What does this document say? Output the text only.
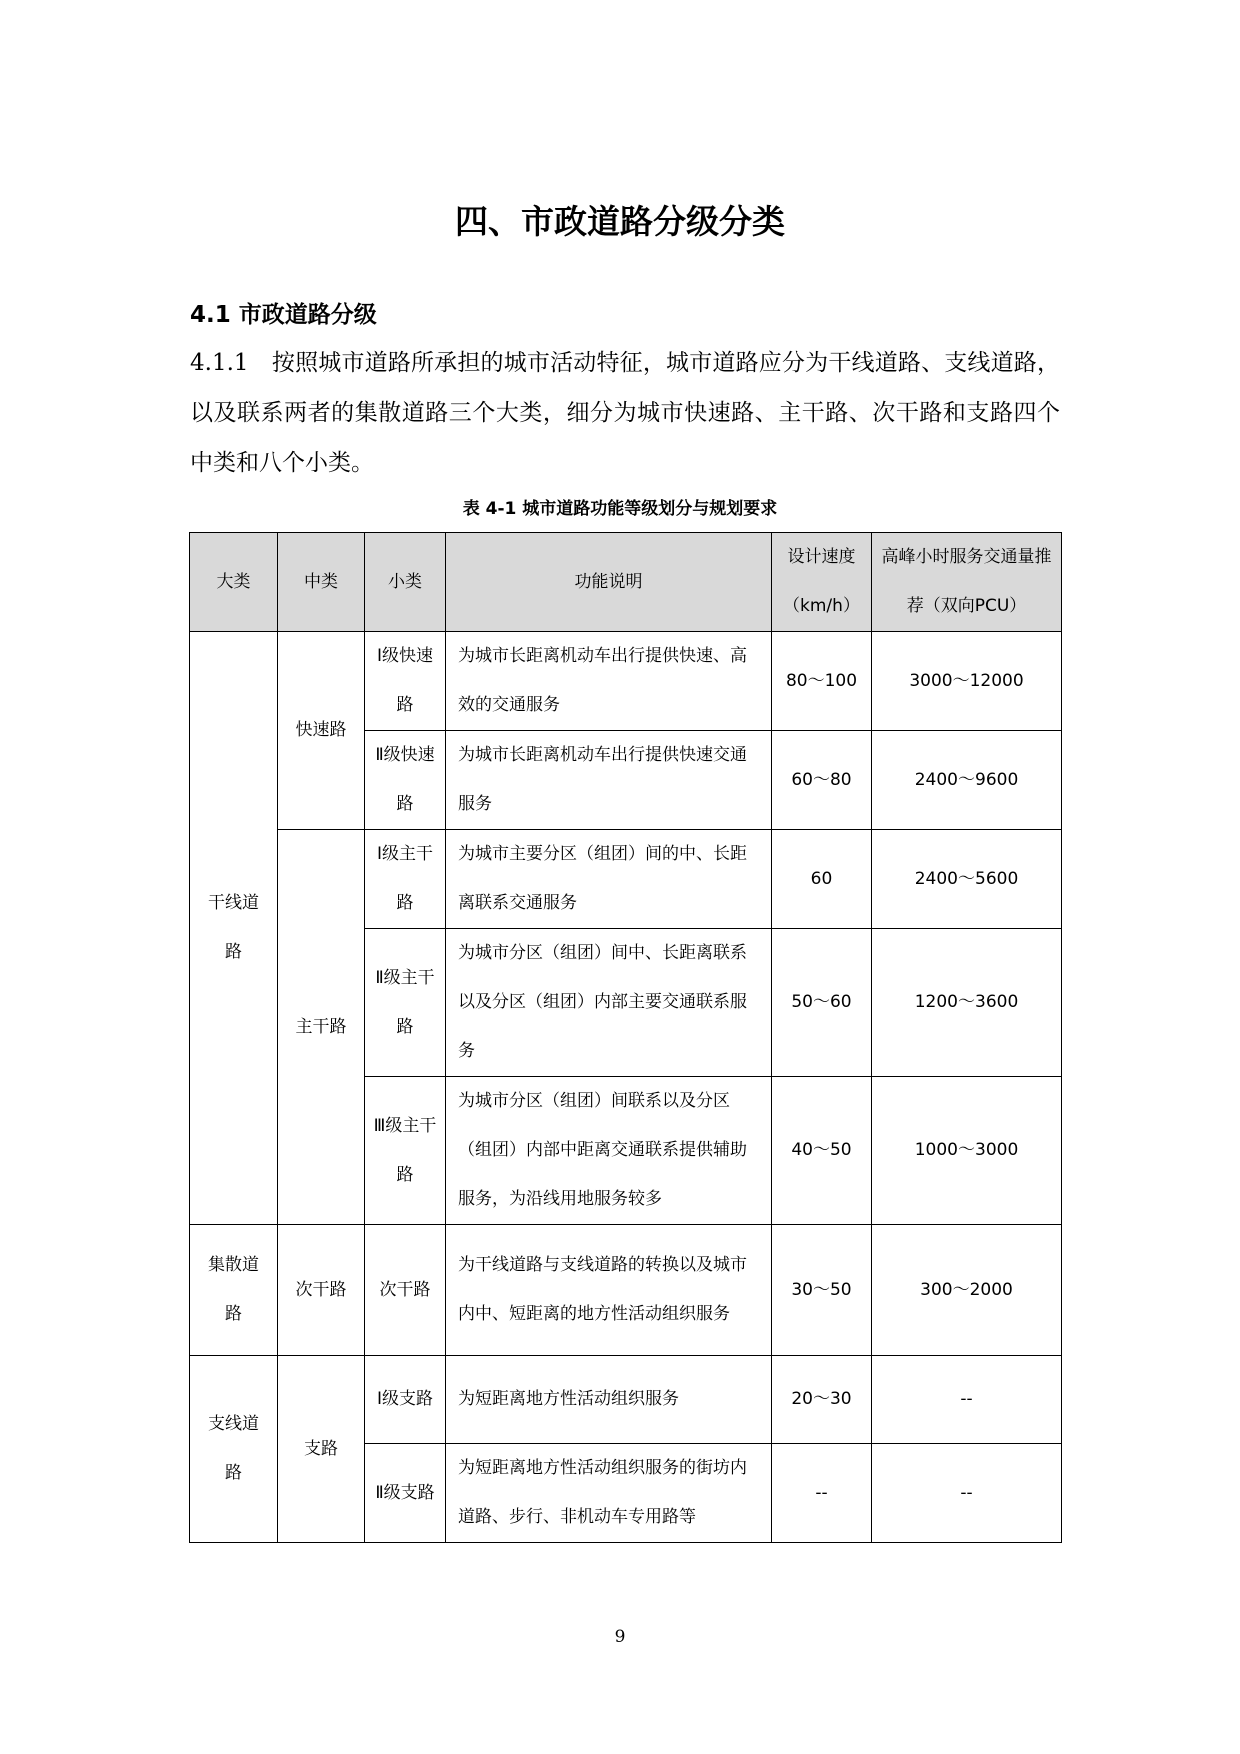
四、市政道路分级分类
4.1 市政道路分级

4.1.1　按照城市道路所承担的城市活动特征，城市道路应分为干线道路、支线道路，以及联系两者的集散道路三个大类，细分为城市快速路、主干路、次干路和支路四个中类和八个小类。

表 4-1 城市道路功能等级划分与规划要求

大类	中类	小类	功能说明	设计速度（km/h）	高峰小时服务交通量推荐（双向PCU）
干线道路	快速路	Ⅰ级快速路	为城市长距离机动车出行提供快速、高效的交通服务	80～100	3000～12000
		Ⅱ级快速路	为城市长距离机动车出行提供快速交通服务	60～80	2400～9600
	主干路	Ⅰ级主干路	为城市主要分区（组团）间的中、长距离联系交通服务	60	2400～5600
		Ⅱ级主干路	为城市分区（组团）间中、长距离联系以及分区（组团）内部主要交通联系服务	50～60	1200～3600
		Ⅲ级主干路	为城市分区（组团）间联系以及分区（组团）内部中距离交通联系提供辅助服务，为沿线用地服务较多	40～50	1000～3000
集散道路	次干路	次干路	为干线道路与支线道路的转换以及城市内中、短距离的地方性活动组织服务	30～50	300～2000
支线道路	支路	Ⅰ级支路	为短距离地方性活动组织服务	20～30	--
		Ⅱ级支路	为短距离地方性活动组织服务的街坊内道路、步行、非机动车专用路等	--	--

9
